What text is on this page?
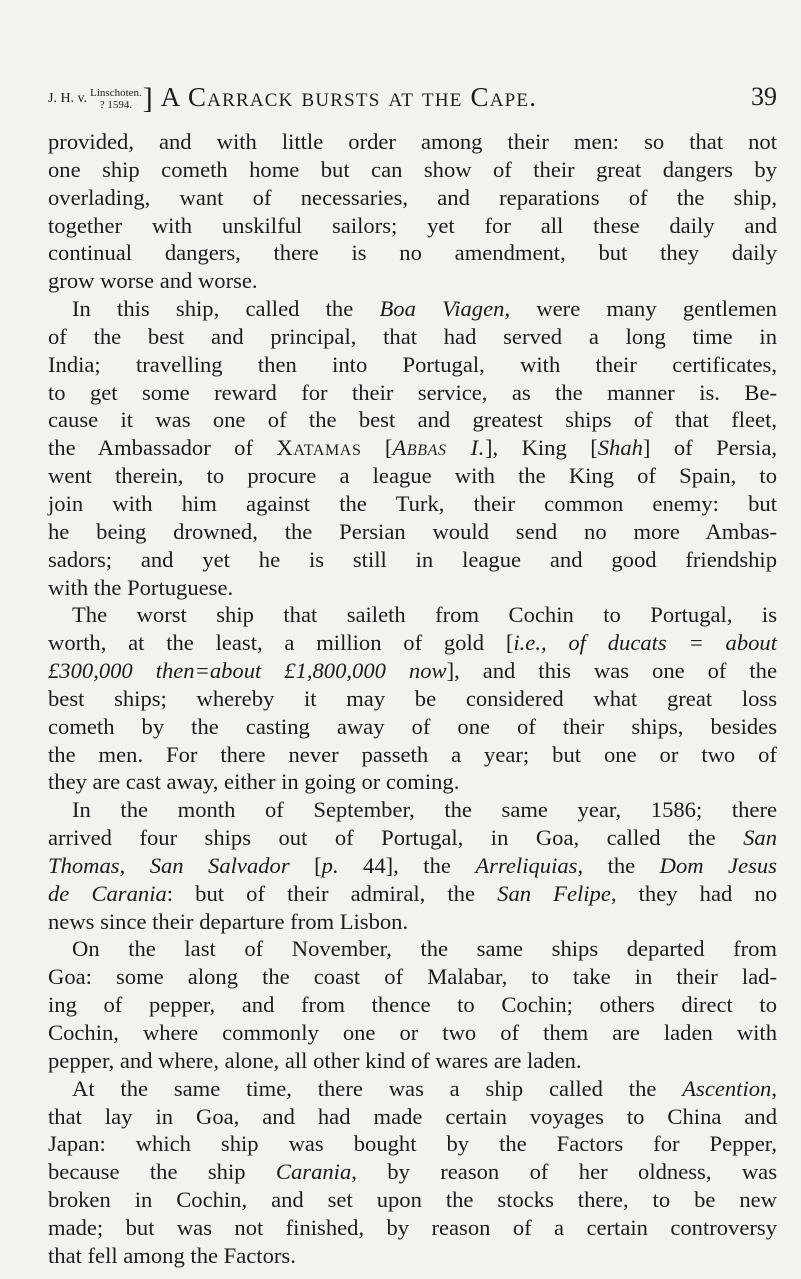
J. H. v. Linschoten.
? 1594. ] A Carrack bursts at the Cape.	39
provided, and with little order among their men: so that not
one ship cometh home but can show of their great dangers by
overlading, want of necessaries, and reparations of the ship,
together with unskilful sailors; yet for all these daily and
continual dangers, there is no amendment, but they daily
grow worse and worse.
In this ship, called the Boa Viagen, were many gentlemen
of the best and principal, that had served a long time in
India; travelling then into Portugal, with their certificates,
to get some reward for their service, as the manner is. Be-
cause it was one of the best and greatest ships of that fleet,
the Ambassador of Xatamas [Abbas I.], King [Shah] of Persia,
went therein, to procure a league with the King of Spain, to
join with him against the Turk, their common enemy: but
he being drowned, the Persian would send no more Ambas-
sadors; and yet he is still in league and good friendship
with the Portuguese.
The worst ship that saileth from Cochin to Portugal, is
worth, at the least, a million of gold [i.e., of ducats = about
£300,000 then=about £1,800,000 now], and this was one of the
best ships; whereby it may be considered what great loss
cometh by the casting away of one of their ships, besides
the men. For there never passeth a year; but one or two of
they are cast away, either in going or coming.
In the month of September, the same year, 1586; there
arrived four ships out of Portugal, in Goa, called the San
Thomas, San Salvador [p. 44], the Arreliquias, the Dom Jesus
de Carania: but of their admiral, the San Felipe, they had no
news since their departure from Lisbon.
On the last of November, the same ships departed from
Goa: some along the coast of Malabar, to take in their lad-
ing of pepper, and from thence to Cochin; others direct to
Cochin, where commonly one or two of them are laden with
pepper, and where, alone, all other kind of wares are laden.
At the same time, there was a ship called the Ascention,
that lay in Goa, and had made certain voyages to China and
Japan: which ship was bought by the Factors for Pepper,
because the ship Carania, by reason of her oldness, was
broken in Cochin, and set upon the stocks there, to be new
made; but was not finished, by reason of a certain controversy
that fell among the Factors.
